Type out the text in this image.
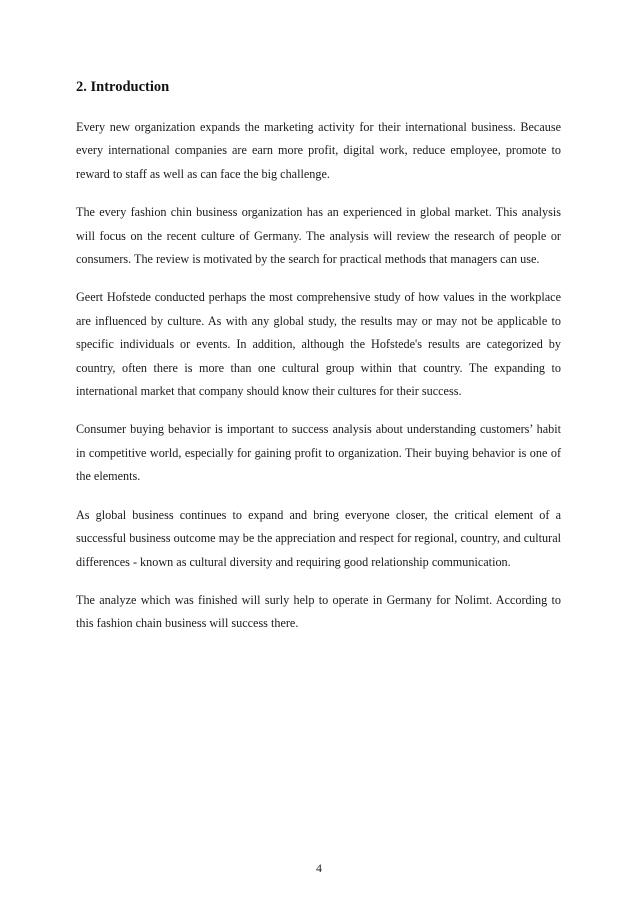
2. Introduction

Every new organization expands the marketing activity for their international business. Because every international companies are earn more profit, digital work, reduce employee, promote to reward to staff as well as can face the big challenge.

The every fashion chin business organization has an experienced in global market. This analysis will focus on the recent culture of Germany. The analysis will review the research of people or consumers. The review is motivated by the search for practical methods that managers can use.

Geert Hofstede conducted perhaps the most comprehensive study of how values in the workplace are influenced by culture. As with any global study, the results may or may not be applicable to specific individuals or events. In addition, although the Hofstede's results are categorized by country, often there is more than one cultural group within that country. The expanding to international market that company should know their cultures for their success.

Consumer buying behavior is important to success analysis about understanding customers’ habit in competitive world, especially for gaining profit to organization. Their buying behavior is one of the elements.

As global business continues to expand and bring everyone closer, the critical element of a successful business outcome may be the appreciation and respect for regional, country, and cultural differences - known as cultural diversity and requiring good relationship communication.

The analyze which was finished will surly help to operate in Germany for Nolimt. According to this fashion chain business will success there.

4
